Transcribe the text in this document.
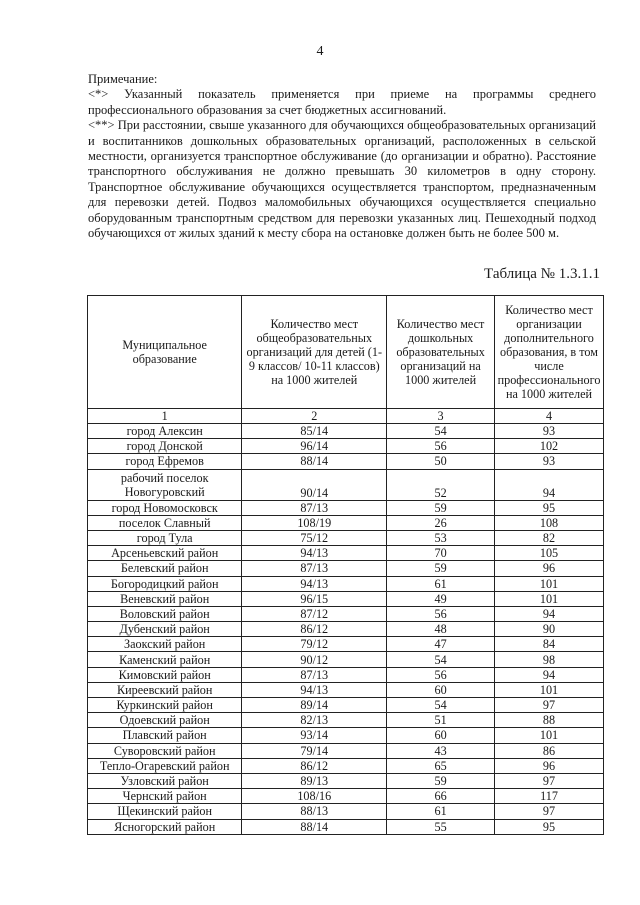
4

Примечание:

<*> Указанный показатель применяется при приеме на программы среднего профессионального образования за счет бюджетных ассигнований.

<**> При расстоянии, свыше указанного для обучающихся общеобразовательных организаций и воспитанников дошкольных образовательных организаций, расположенных в сельской местности, организуется транспортное обслуживание (до организации и обратно). Расстояние транспортного обслуживания не должно превышать 30 километров в одну сторону. Транспортное обслуживание обучающихся осуществляется транспортом, предназначенным для перевозки детей. Подвоз маломобильных обучающихся осуществляется специально оборудованным транспортным средством для перевозки указанных лиц. Пешеходный подход обучающихся от жилых зданий к месту сбора на остановке должен быть не более 500 м.

Таблица № 1.3.1.1
Муниципальное образование	Количество мест общеобразовательных организаций для детей (1-9 классов/ 10-11 классов) на 1000 жителей	Количество мест дошкольных образовательных организаций на 1000 жителей	Количество мест организации дополнительного образования, в том числе профессионального на 1000 жителей
1	2	3	4
город Алексин	85/14	54	93
город Донской	96/14	56	102
город Ефремов	88/14	50	93
рабочий поселок Новогуровский	90/14	52	94
город Новомосковск	87/13	59	95
поселок Славный	108/19	26	108
город Тула	75/12	53	82
Арсеньевский район	94/13	70	105
Белевский район	87/13	59	96
Богородицкий район	94/13	61	101
Веневский район	96/15	49	101
Воловский район	87/12	56	94
Дубенский район	86/12	48	90
Заокский район	79/12	47	84
Каменский район	90/12	54	98
Кимовский район	87/13	56	94
Киреевский район	94/13	60	101
Куркинский район	89/14	54	97
Одоевский район	82/13	51	88
Плавский район	93/14	60	101
Суворовский район	79/14	43	86
Тепло-Огаревский район	86/12	65	96
Узловский район	89/13	59	97
Чернский район	108/16	66	117
Щекинский район	88/13	61	97
Ясногорский район	88/14	55	95
